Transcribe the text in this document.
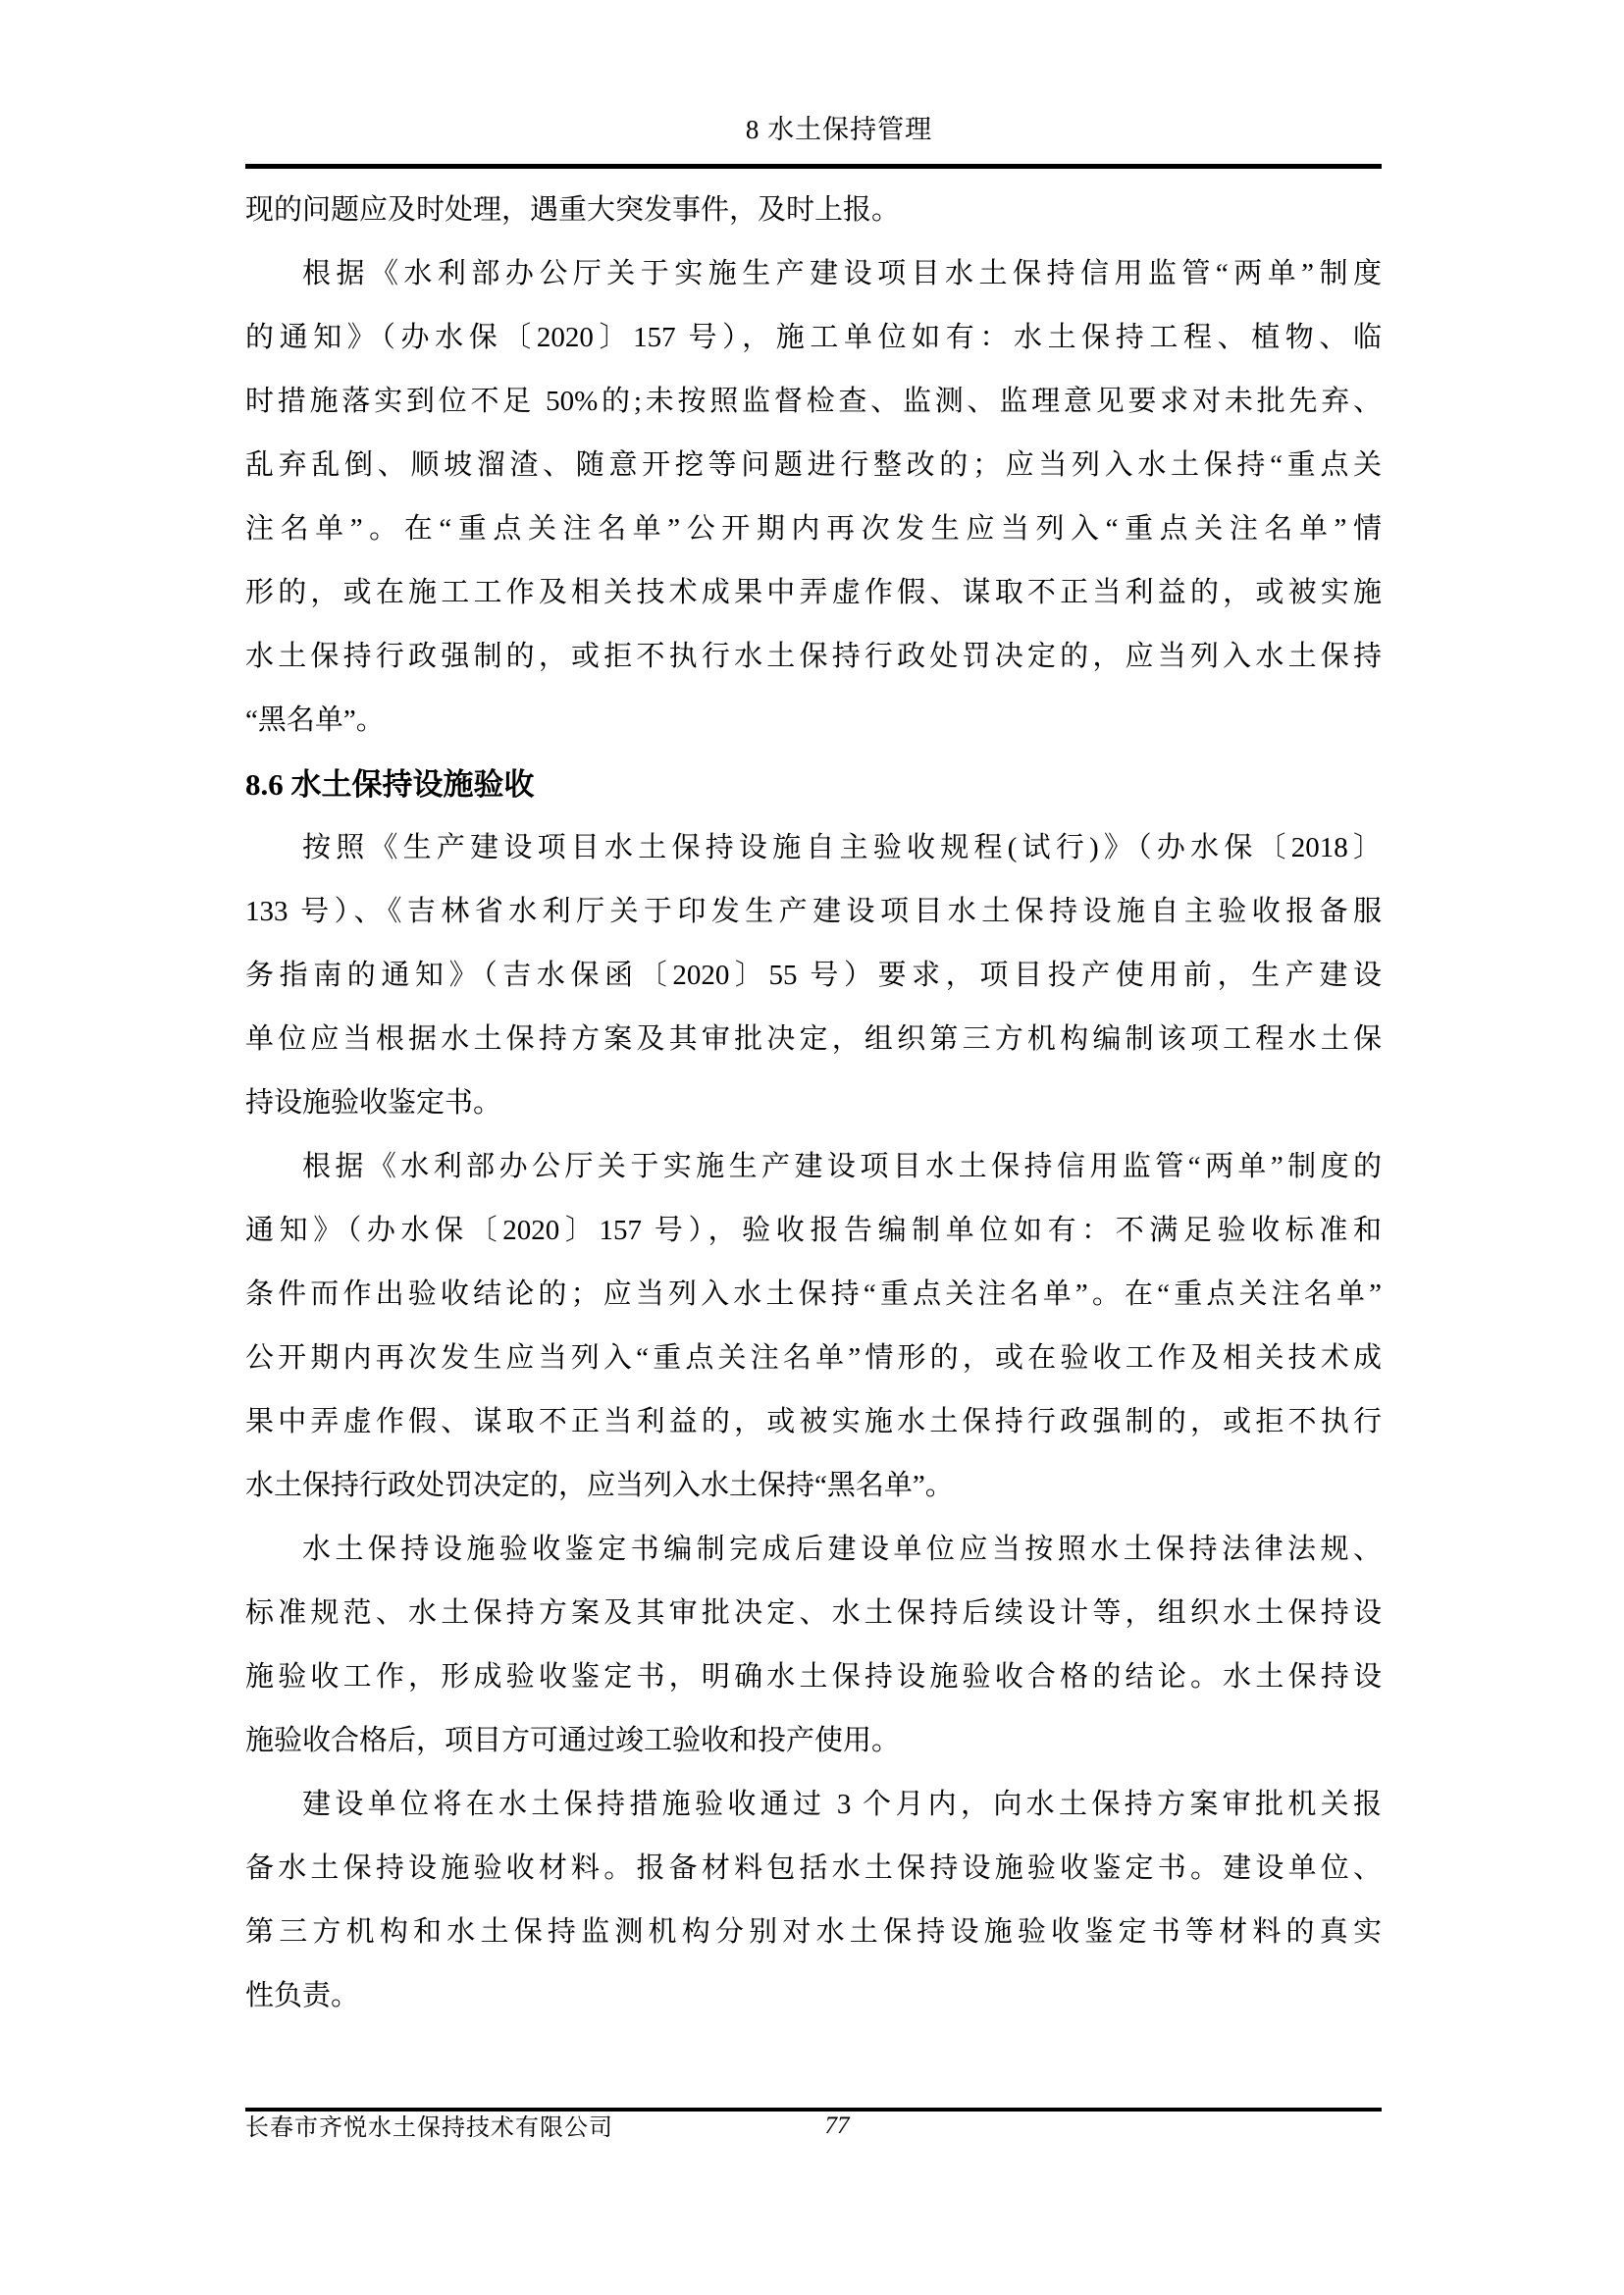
8 水土保持管理
现的问题应及时处理，遇重大突发事件，及时上报。
根据《水利部办公厅关于实施生产建设项目水土保持信用监管“两单”制度
的通知》（办水保〔2020〕157 号），施工单位如有：水土保持工程、植物、临
时措施落实到位不足 50%的;未按照监督检查、监测、监理意见要求对未批先弃、
乱弃乱倒、顺坡溜渣、随意开挖等问题进行整改的；应当列入水土保持“重点关
注名单”。在“重点关注名单”公开期内再次发生应当列入“重点关注名单”情
形的，或在施工工作及相关技术成果中弄虚作假、谋取不正当利益的，或被实施
水土保持行政强制的，或拒不执行水土保持行政处罚决定的，应当列入水土保持
“黑名单”。
8.6 水土保持设施验收
按照《生产建设项目水土保持设施自主验收规程(试行)》（办水保〔2018〕
133 号）、《吉林省水利厅关于印发生产建设项目水土保持设施自主验收报备服
务指南的通知》（吉水保函〔2020〕55 号）要求，项目投产使用前，生产建设
单位应当根据水土保持方案及其审批决定，组织第三方机构编制该项工程水土保
持设施验收鉴定书。
根据《水利部办公厅关于实施生产建设项目水土保持信用监管“两单”制度的
通知》（办水保〔2020〕157 号），验收报告编制单位如有：不满足验收标准和
条件而作出验收结论的；应当列入水土保持“重点关注名单”。在“重点关注名单”
公开期内再次发生应当列入“重点关注名单”情形的，或在验收工作及相关技术成
果中弄虚作假、谋取不正当利益的，或被实施水土保持行政强制的，或拒不执行
水土保持行政处罚决定的，应当列入水土保持“黑名单”。
水土保持设施验收鉴定书编制完成后建设单位应当按照水土保持法律法规、
标准规范、水土保持方案及其审批决定、水土保持后续设计等，组织水土保持设
施验收工作，形成验收鉴定书，明确水土保持设施验收合格的结论。水土保持设
施验收合格后，项目方可通过竣工验收和投产使用。
建设单位将在水土保持措施验收通过 3 个月内，向水土保持方案审批机关报
备水土保持设施验收材料。报备材料包括水土保持设施验收鉴定书。建设单位、
第三方机构和水土保持监测机构分别对水土保持设施验收鉴定书等材料的真实
性负责。
长春市齐悦水土保持技术有限公司	77
